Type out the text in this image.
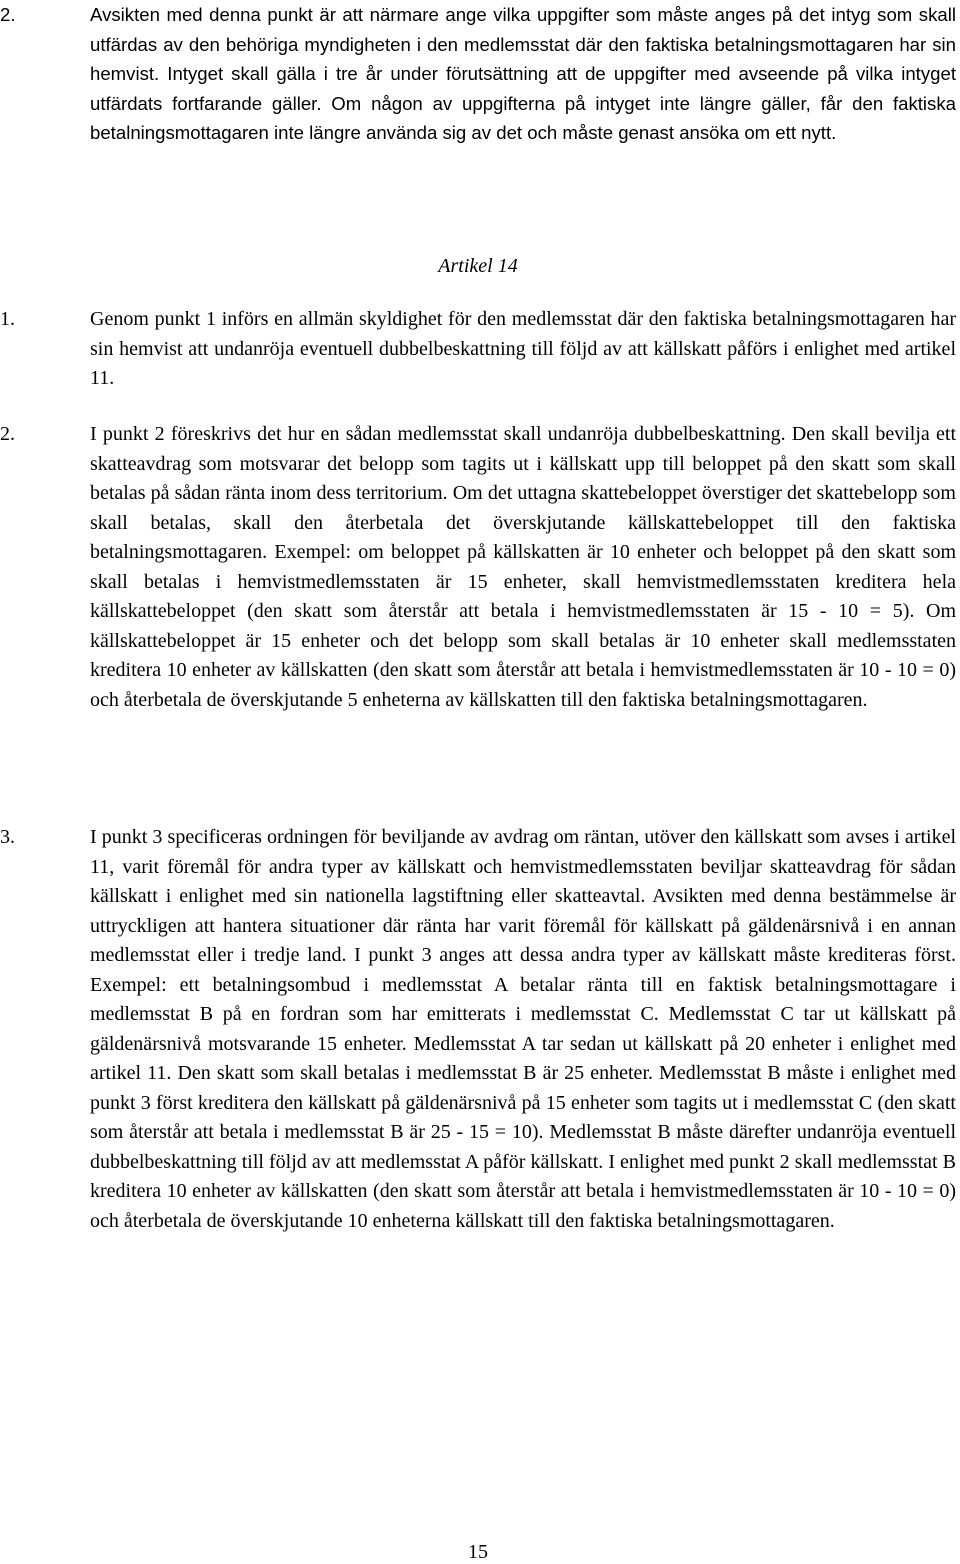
2.	Avsikten med denna punkt är att närmare ange vilka uppgifter som måste anges på det intyg som skall utfärdas av den behöriga myndigheten i den medlemsstat där den faktiska betalningsmottagaren har sin hemvist. Intyget skall gälla i tre år under förutsättning att de uppgifter med avseende på vilka intyget utfärdats fortfarande gäller. Om någon av uppgifterna på intyget inte längre gäller, får den faktiska betalningsmottagaren inte längre använda sig av det och måste genast ansöka om ett nytt.
Artikel 14
1.	Genom punkt 1 införs en allmän skyldighet för den medlemsstat där den faktiska betalningsmottagaren har sin hemvist att undanröja eventuell dubbelbeskattning till följd av att källskatt påförs i enlighet med artikel 11.
2.	I punkt 2 föreskrivs det hur en sådan medlemsstat skall undanröja dubbelbeskattning. Den skall bevilja ett skatteavdrag som motsvarar det belopp som tagits ut i källskatt upp till beloppet på den skatt som skall betalas på sådan ränta inom dess territorium. Om det uttagna skattebeloppet överstiger det skattebelopp som skall betalas, skall den återbetala det överskjutande källskattebeloppet till den faktiska betalningsmottagaren. Exempel: om beloppet på källskatten är 10 enheter och beloppet på den skatt som skall betalas i hemvistmedlemsstaten är 15 enheter, skall hemvistmedlemsstaten kreditera hela källskattebeloppet (den skatt som återstår att betala i hemvistmedlemsstaten är 15 - 10 = 5). Om källskattebeloppet är 15 enheter och det belopp som skall betalas är 10 enheter skall medlemsstaten kreditera 10 enheter av källskatten (den skatt som återstår att betala i hemvistmedlemsstaten är 10 - 10 = 0) och återbetala de överskjutande 5 enheterna av källskatten till den faktiska betalningsmottagaren.
3.	I punkt 3 specificeras ordningen för beviljande av avdrag om räntan, utöver den källskatt som avses i artikel 11, varit föremål för andra typer av källskatt och hemvistmedlemsstaten beviljar skatteavdrag för sådan källskatt i enlighet med sin nationella lagstiftning eller skatteavtal. Avsikten med denna bestämmelse är uttryckligen att hantera situationer där ränta har varit föremål för källskatt på gäldenärsnivå i en annan medlemsstat eller i tredje land. I punkt 3 anges att dessa andra typer av källskatt måste krediteras först. Exempel: ett betalningsombud i medlemsstat A betalar ränta till en faktisk betalningsmottagare i medlemsstat B på en fordran som har emitterats i medlemsstat C. Medlemsstat C tar ut källskatt på gäldenärsnivå motsvarande 15 enheter. Medlemsstat A tar sedan ut källskatt på 20 enheter i enlighet med artikel 11. Den skatt som skall betalas i medlemsstat B är 25 enheter. Medlemsstat B måste i enlighet med punkt 3 först kreditera den källskatt på gäldenärsnivå på 15 enheter som tagits ut i medlemsstat C (den skatt som återstår att betala i medlemsstat B är 25 - 15 = 10). Medlemsstat B måste därefter undanröja eventuell dubbelbeskattning till följd av att medlemsstat A påför källskatt. I enlighet med punkt 2 skall medlemsstat B kreditera 10 enheter av källskatten (den skatt som återstår att betala i hemvistmedlemsstaten är 10 - 10 = 0) och återbetala de överskjutande 10 enheterna källskatt till den faktiska betalningsmottagaren.
15
